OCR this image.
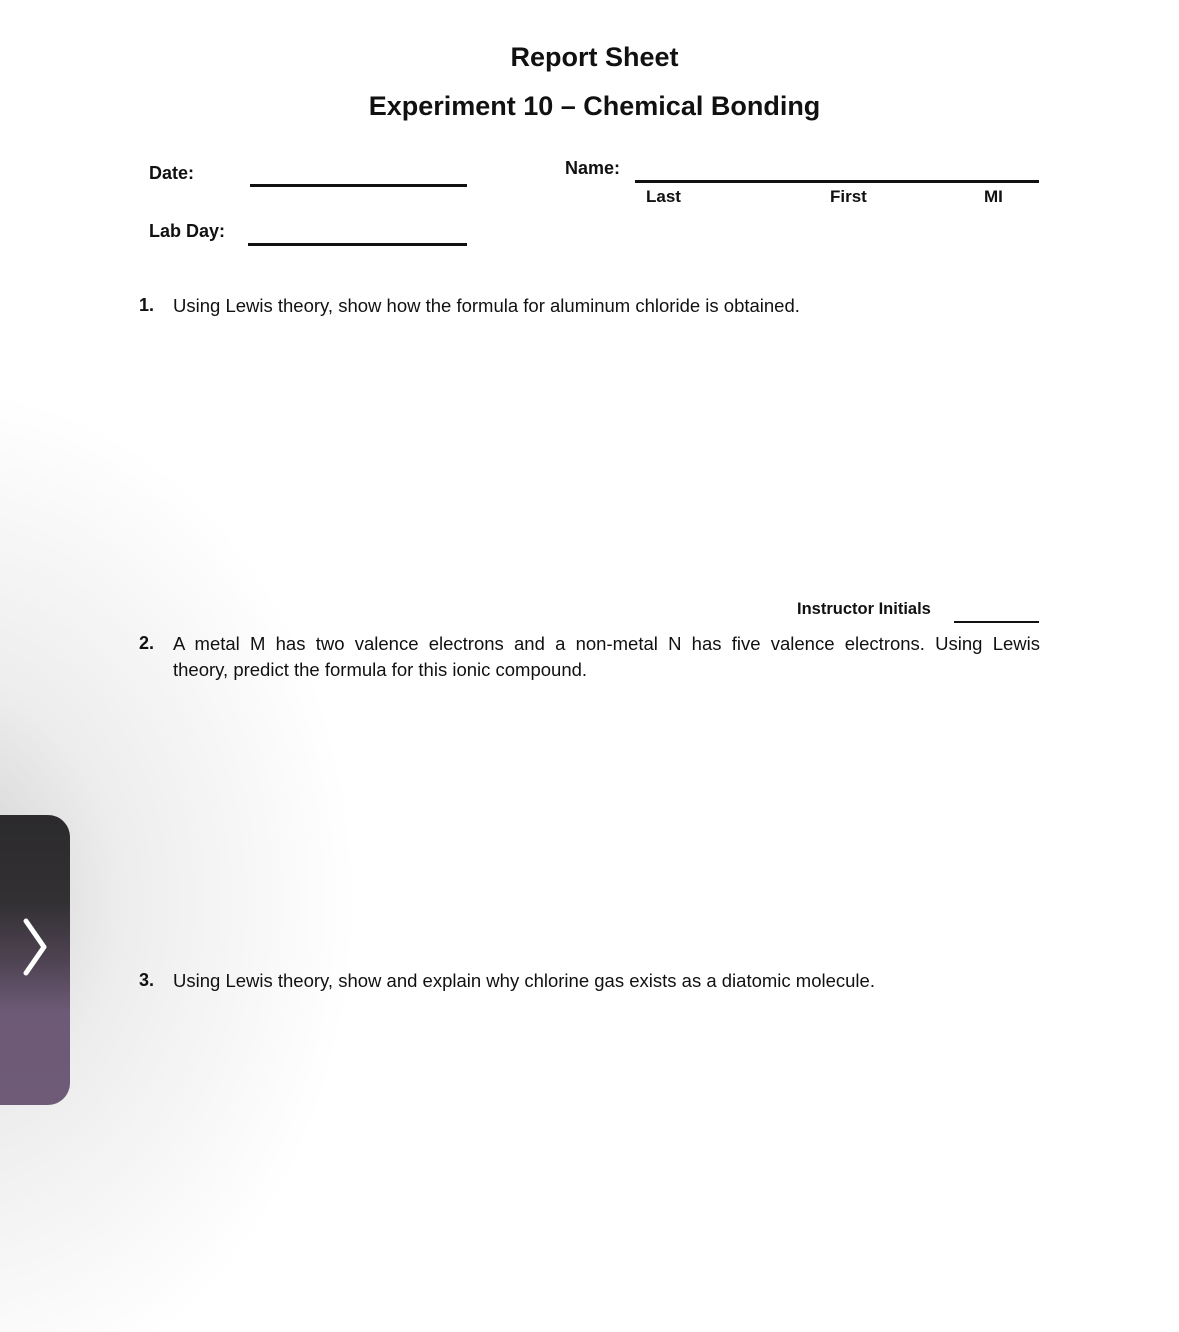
Report Sheet
Experiment 10 – Chemical Bonding
Date:
Lab Day:
Name:
Last	First	MI
1. Using Lewis theory, show how the formula for aluminum chloride is obtained.
Instructor Initials
2. A metal M has two valence electrons and a non-metal N has five valence electrons. Using Lewis
theory, predict the formula for this ionic compound.
3. Using Lewis theory, show and explain why chlorine gas exists as a diatomic molecule.
